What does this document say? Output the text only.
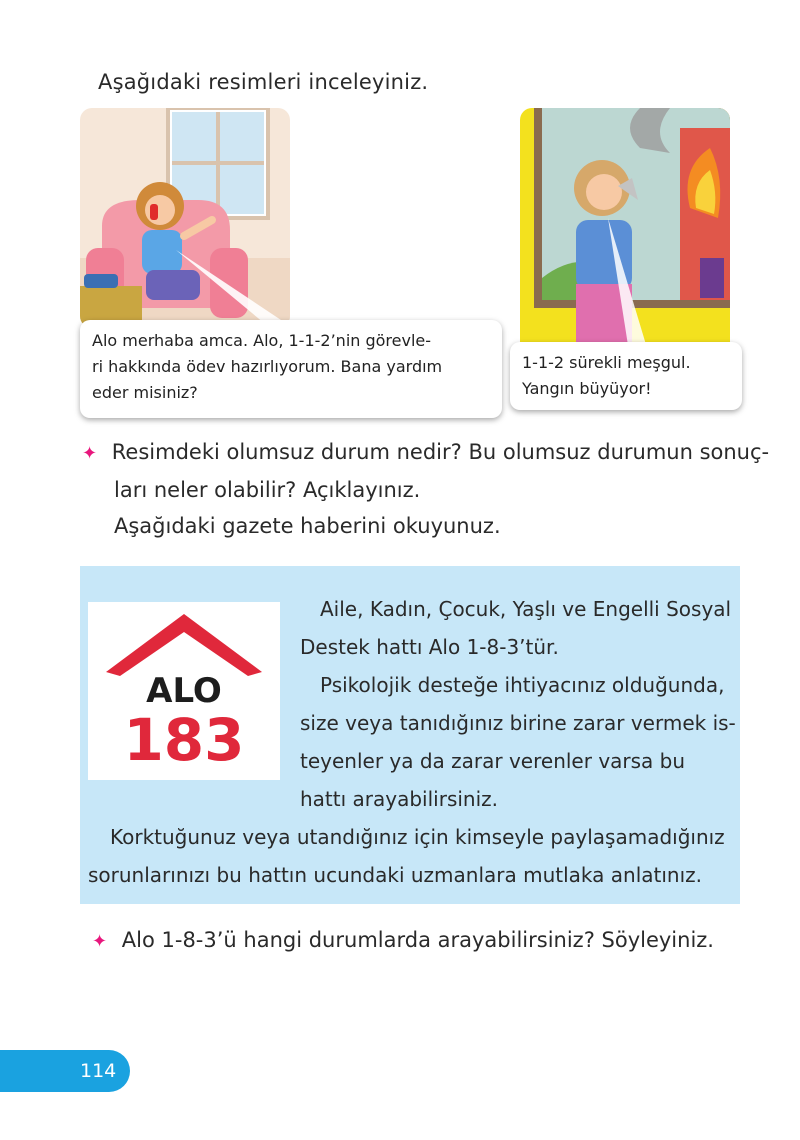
Aşağıdaki resimleri inceleyiniz.
Alo merhaba amca. Alo, 1-1-2’nin görevle-
ri hakkında ödev hazırlıyorum. Bana yardım
eder misiniz?
1-1-2 sürekli meşgul.
Yangın büyüyor!
✦ Resimdeki olumsuz durum nedir? Bu olumsuz durumun sonuç-
ları neler olabilir? Açıklayınız.
Aşağıdaki gazete haberini okuyunuz.
ALO
183
Aile, Kadın, Çocuk, Yaşlı ve Engelli Sosyal
Destek hattı Alo 1-8-3’tür.
Psikolojik desteğe ihtiyacınız olduğunda,
size veya tanıdığınız birine zarar vermek is-
teyenler ya da zarar verenler varsa bu
hattı arayabilirsiniz.
Korktuğunuz veya utandığınız için kimseyle paylaşamadığınız
sorunlarınızı bu hattın ucundaki uzmanlara mutlaka anlatınız.
✦ Alo 1-8-3’ü hangi durumlarda arayabilirsiniz? Söyleyiniz.
114
